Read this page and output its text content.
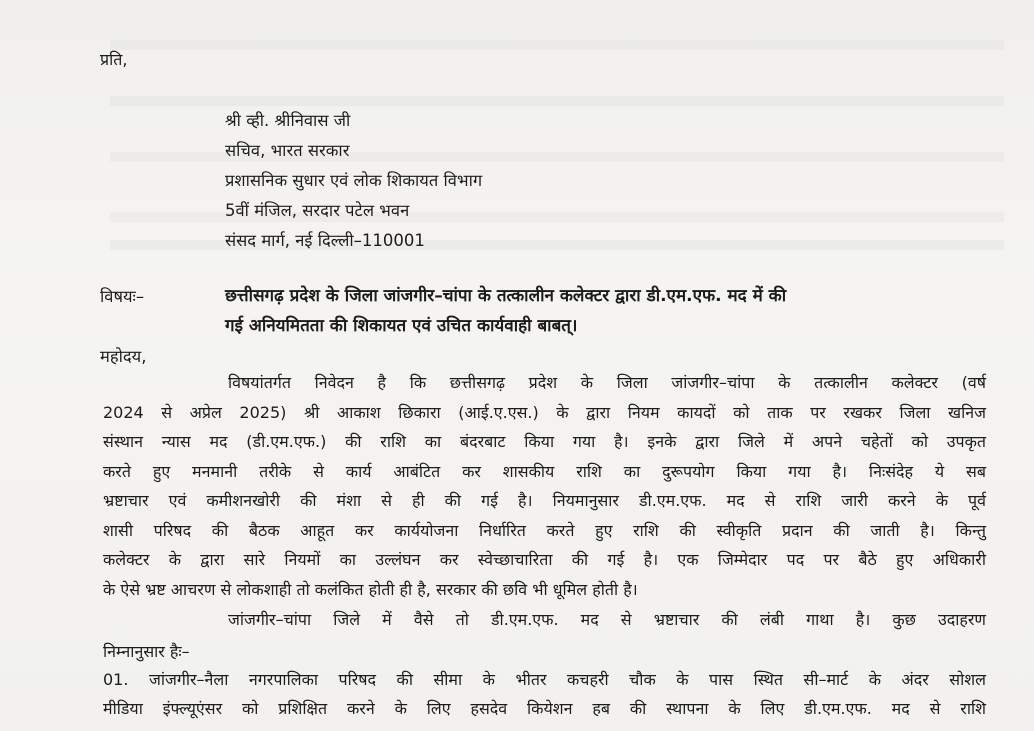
प्रति,
श्री व्ही. श्रीनिवास जी
सचिव, भारत सरकार
प्रशासनिक सुधार एवं लोक शिकायत विभाग
5वीं मंजिल, सरदार पटेल भवन
संसद मार्ग, नई दिल्ली–110001
विषयः–	छत्तीसगढ़ प्रदेश के जिला जांजगीर–चांपा के तत्कालीन कलेक्टर द्वारा डी.एम.एफ. मद में की
गई अनियमितता की शिकायत एवं उचित कार्यवाही बाबत्।
महोदय,
विषयांतर्गत निवेदन है कि छत्तीसगढ़ प्रदेश के जिला जांजगीर–चांपा के तत्कालीन कलेक्टर (वर्ष
2024 से अप्रेल 2025) श्री आकाश छिकारा (आई.ए.एस.) के द्वारा नियम कायदों को ताक पर रखकर जिला खनिज
संस्थान न्यास मद (डी.एम.एफ.) की राशि का बंदरबाट किया गया है। इनके द्वारा जिले में अपने चहेतों को उपकृत
करते हुए मनमानी तरीके से कार्य आबंटित कर शासकीय राशि का दुरूपयोग किया गया है। निःसंदेह ये सब
भ्रष्टाचार एवं कमीशनखोरी की मंशा से ही की गई है। नियमानुसार डी.एम.एफ. मद से राशि जारी करने के पूर्व
शासी परिषद की बैठक आहूत कर कार्ययोजना निर्धारित करते हुए राशि की स्वीकृति प्रदान की जाती है। किन्तु
कलेक्टर के द्वारा सारे नियमों का उल्लंघन कर स्वेच्छाचारिता की गई है। एक जिम्मेदार पद पर बैठे हुए अधिकारी
के ऐसे भ्रष्ट आचरण से लोकशाही तो कलंकित होती ही है, सरकार की छवि भी धूमिल होती है।
जांजगीर–चांपा जिले में वैसे तो डी.एम.एफ. मद से भ्रष्टाचार की लंबी गाथा है। कुछ उदाहरण
निम्नानुसार हैः–
01. जांजगीर–नैला नगरपालिका परिषद की सीमा के भीतर कचहरी चौक के पास स्थित सी–मार्ट के अंदर सोशल
मीडिया इंफ्ल्यूएंसर को प्रशिक्षित करने के लिए हसदेव कियेशन हब की स्थापना के लिए डी.एम.एफ. मद से राशि
